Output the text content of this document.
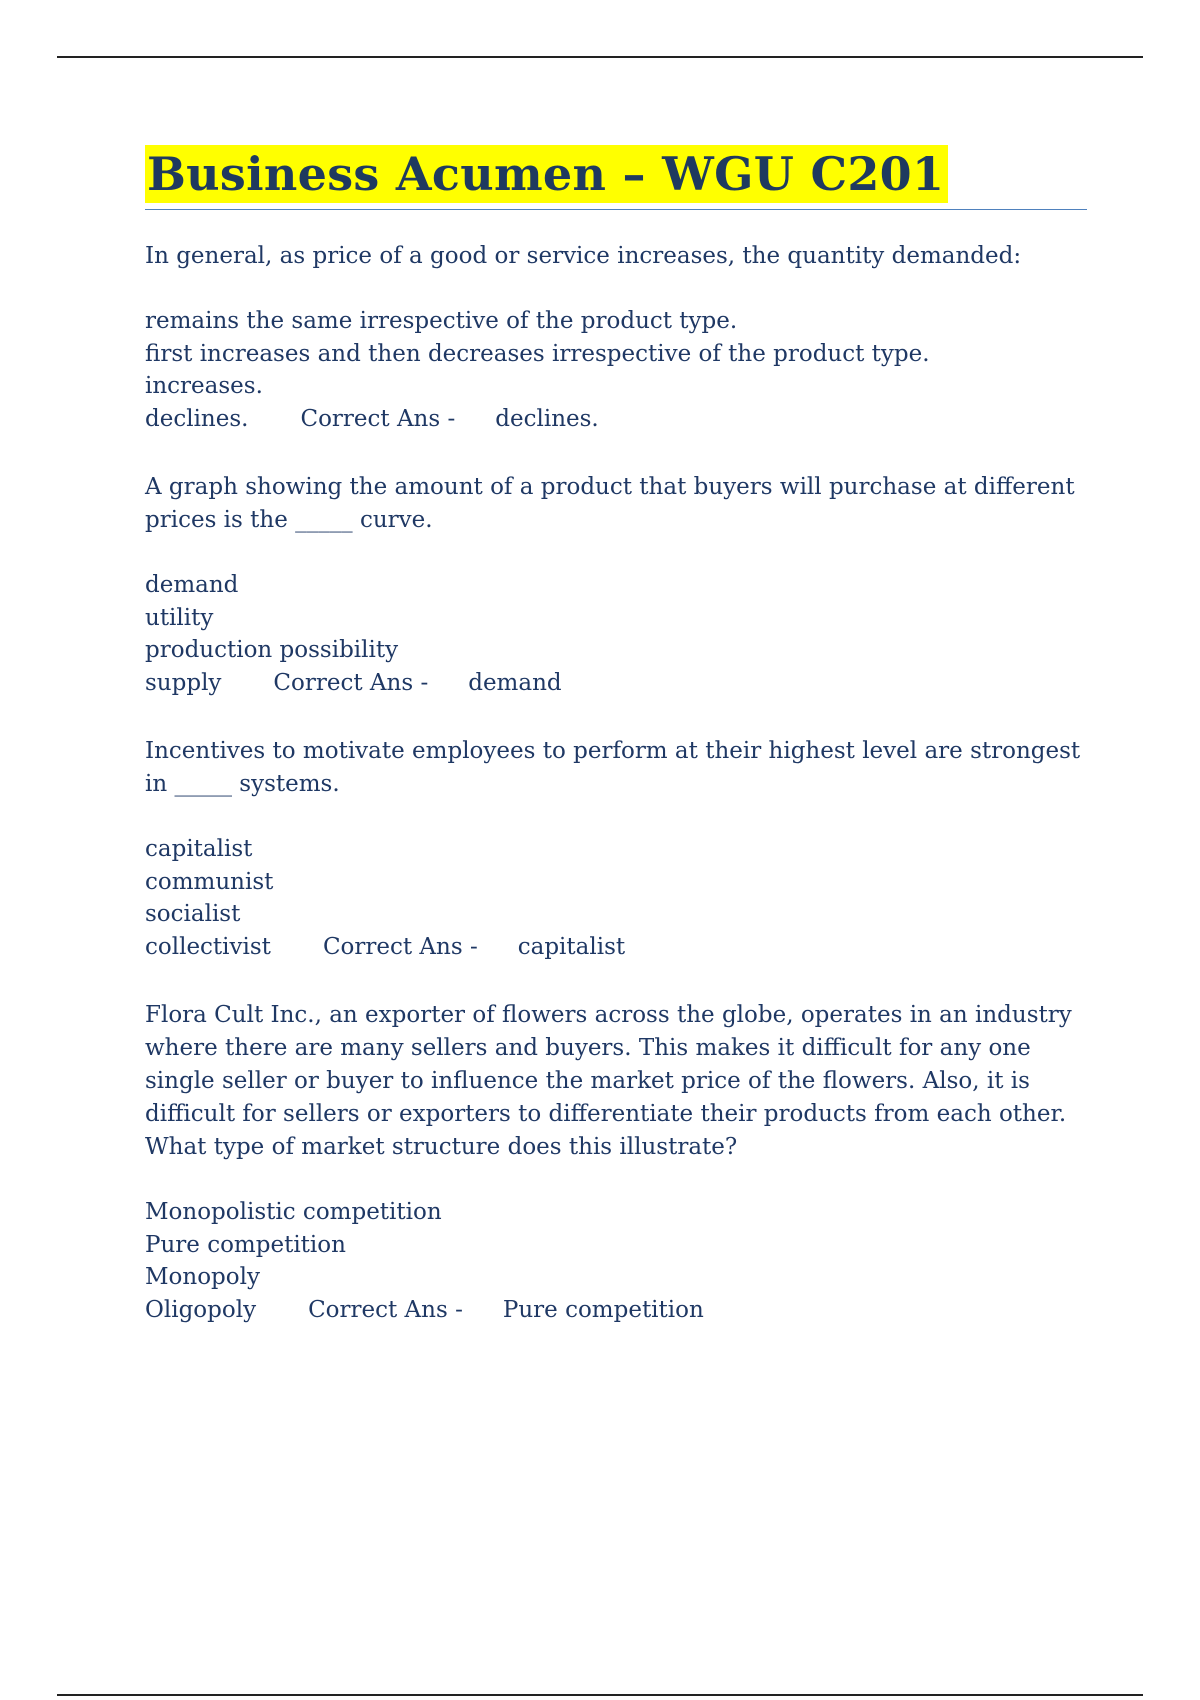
Business Acumen – WGU C201

In general, as price of a good or service increases, the quantity demanded:

remains the same irrespective of the product type.
first increases and then decreases irrespective of the product type.
increases.
declines. Correct Ans - declines.

A graph showing the amount of a product that buyers will purchase at different prices is the _____ curve.

demand
utility
production possibility
supply Correct Ans - demand

Incentives to motivate employees to perform at their highest level are strongest in _____ systems.

capitalist
communist
socialist
collectivist Correct Ans - capitalist

Flora Cult Inc., an exporter of flowers across the globe, operates in an industry where there are many sellers and buyers. This makes it difficult for any one single seller or buyer to influence the market price of the flowers. Also, it is difficult for sellers or exporters to differentiate their products from each other. What type of market structure does this illustrate?

Monopolistic competition
Pure competition
Monopoly
Oligopoly Correct Ans - Pure competition
